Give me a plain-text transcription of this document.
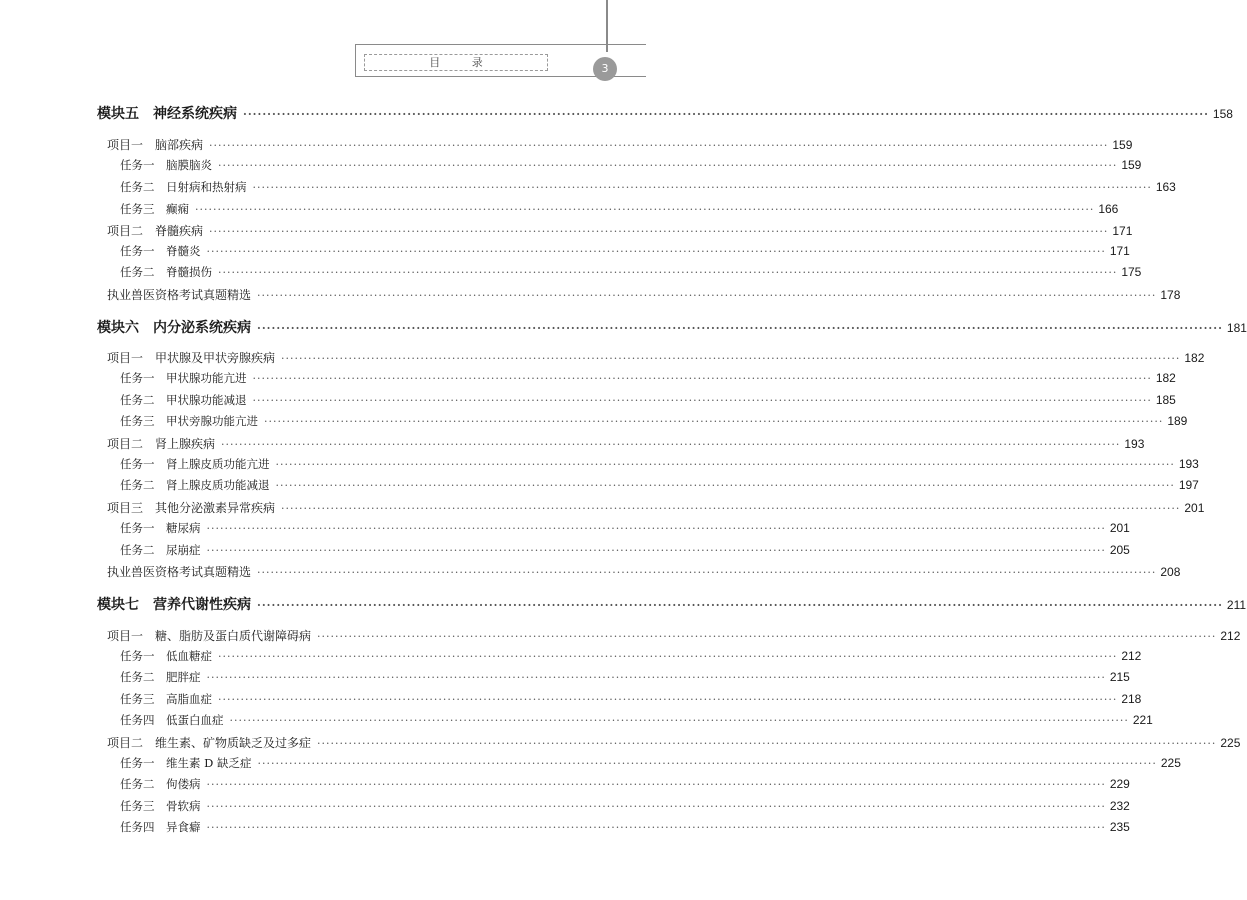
目 录	3
模块五　神经系统疾病 ········································································································································································································ 158
项目一　脑部疾病 ········································································································································································································ 159
任务一　脑膜脑炎 ········································································································································································································ 159
任务二　日射病和热射病 ········································································································································································································ 163
任务三　癫痫 ········································································································································································································ 166
项目二　脊髓疾病 ········································································································································································································ 171
任务一　脊髓炎 ········································································································································································································ 171
任务二　脊髓损伤 ········································································································································································································ 175
执业兽医资格考试真题精选 ········································································································································································································ 178
模块六　内分泌系统疾病 ········································································································································································································ 181
项目一　甲状腺及甲状旁腺疾病 ········································································································································································································ 182
任务一　甲状腺功能亢进 ········································································································································································································ 182
任务二　甲状腺功能减退 ········································································································································································································ 185
任务三　甲状旁腺功能亢进 ········································································································································································································ 189
项目二　肾上腺疾病 ········································································································································································································ 193
任务一　肾上腺皮质功能亢进 ········································································································································································································ 193
任务二　肾上腺皮质功能减退 ········································································································································································································ 197
项目三　其他分泌激素异常疾病 ········································································································································································································ 201
任务一　糖尿病 ········································································································································································································ 201
任务二　尿崩症 ········································································································································································································ 205
执业兽医资格考试真题精选 ········································································································································································································ 208
模块七　营养代谢性疾病 ········································································································································································································ 211
项目一　糖、脂肪及蛋白质代谢障碍病 ········································································································································································································ 212
任务一　低血糖症 ········································································································································································································ 212
任务二　肥胖症 ········································································································································································································ 215
任务三　高脂血症 ········································································································································································································ 218
任务四　低蛋白血症 ········································································································································································································ 221
项目二　维生素、矿物质缺乏及过多症 ········································································································································································································ 225
任务一　维生素 D 缺乏症 ········································································································································································································ 225
任务二　佝偻病 ········································································································································································································ 229
任务三　骨软病 ········································································································································································································ 232
任务四　异食癖 ········································································································································································································ 235
